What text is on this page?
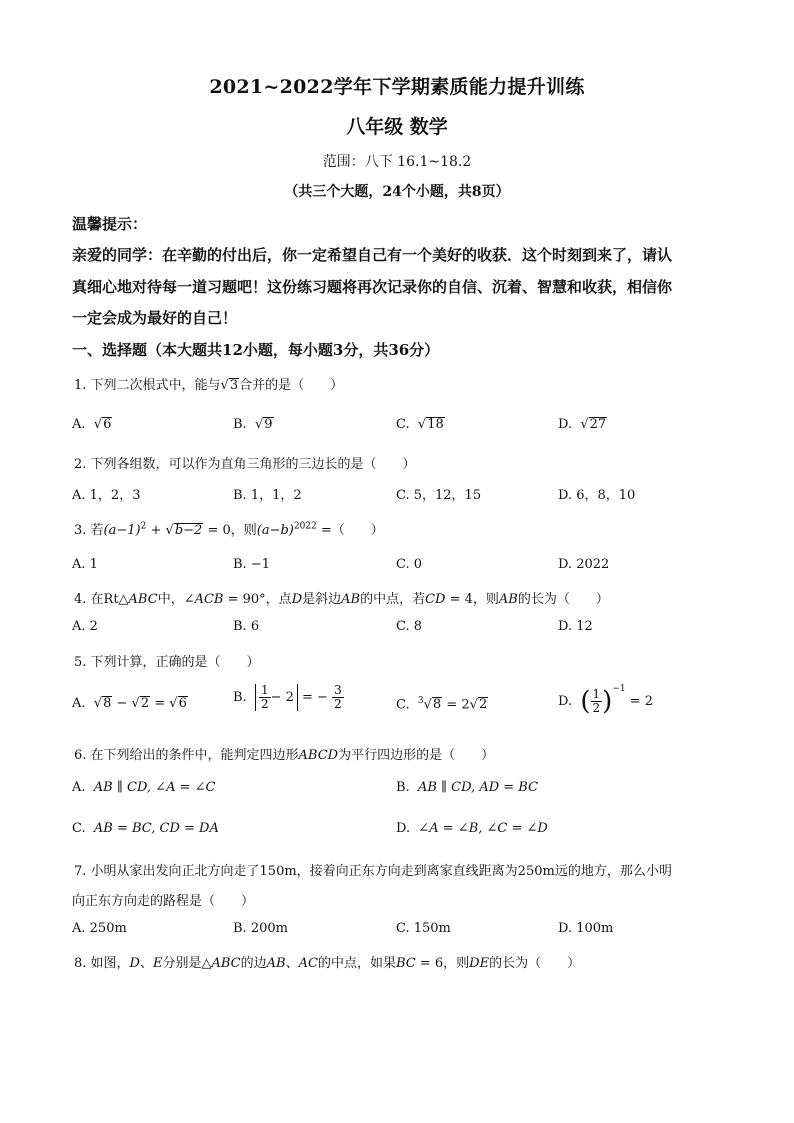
2021~2022学年下学期素质能力提升训练
八年级 数学
范围：八下 16.1~18.2
（共三个大题，24个小题，共8页）
温馨提示：
亲爱的同学：在辛勤的付出后，你一定希望自己有一个美好的收获．这个时刻到来了，请认
真细心地对待每一道习题吧！这份练习题将再次记录你的自信、沉着、智慧和收获，相信你
一定会成为最好的自己！
一、选择题（本大题共12小题，每小题3分，共36分）
1. 下列二次根式中，能与√3合并的是（　　）
A.  √6	B.  √9	C.  √18	D.  √27
2. 下列各组数，可以作为直角三角形的三边长的是（　　）
A. 1，2，3	B. 1，1，2	C. 5，12，15	D. 6，8，10
3. 若$(a-1)^2 + √b-2 = 0$，则$(a-b)^{2022}$ =（　　）
A. 1	B. −1	C. 0	D. 2022
4. 在Rt△ABC中，∠ACB = 90°，点D是斜边AB的中点，若CD = 4，则AB的长为（　　）
A. 2	B. 6	C. 8	D. 12
5. 下列计算，正确的是（　　）
A.  √8 − √2 = √6	B. $\frac{1}{2} - 2$ = − $\frac{3}{2}$	C. $^3$√8 = 2√2	D. ( $\frac{1}{2} )^{-1} = 2$
6. 在下列给出的条件中，能判定四边形ABCD为平行四边形的是（　　）
A. AB ∥ CD, ∠A = ∠C	B. AB ∥ CD, AD = BC
C. AB = BC, CD = DA	D. ∠A = ∠B, ∠C = ∠D
7. 小明从家出发向正北方向走了150m，接着向正东方向走到离家直线距离为250m远的地方，那么小明
向正东方向走的路程是（　　）
A. 250m	B. 200m	C. 150m	D. 100m
8. 如图，D、E分别是△ABC的边AB、AC的中点，如果BC = 6，则DE的长为（　　）
